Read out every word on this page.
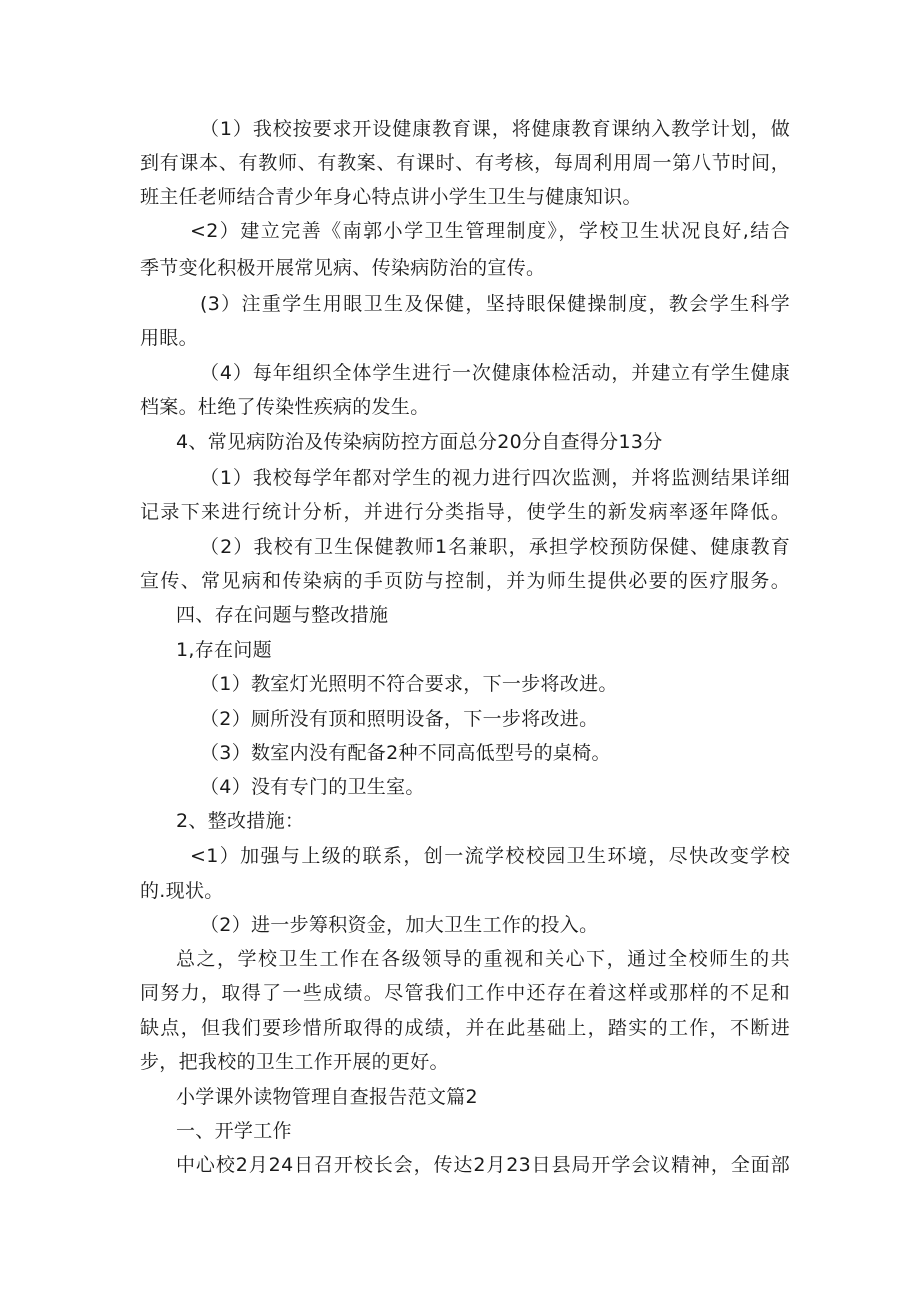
（1）我校按要求开设健康教育课，将健康教育课纳入教学计划，做
到有课本、有教师、有教案、有课时、有考核，每周利用周一第八节时间，
班主任老师结合青少年身心特点讲小学生卫生与健康知识。
<2）建立完善《南郭小学卫生管理制度》，学校卫生状况良好,结合
季节变化积极开展常见病、传染病防治的宣传。
(3）注重学生用眼卫生及保健，坚持眼保健操制度，教会学生科学
用眼。
（4）每年组织全体学生进行一次健康体检活动，并建立有学生健康
档案。杜绝了传染性疾病的发生。
4、常见病防治及传染病防控方面总分20分自查得分13分
（1）我校每学年都对学生的视力进行四次监测，并将监测结果详细
记录下来进行统计分析，并进行分类指导，使学生的新发病率逐年降低。
（2）我校有卫生保健教师1名兼职，承担学校预防保健、健康教育
宣传、常见病和传染病的手页防与控制，并为师生提供必要的医疗服务。
四、存在问题与整改措施
1,存在问题
（1）教室灯光照明不符合要求，下一步将改进。
（2）厕所没有顶和照明设备，下一步将改进。
（3）数室内没有配备2种不同高低型号的桌椅。
（4）没有专门的卫生室。
2、整改措施：
<1）加强与上级的联系，创一流学校校园卫生环境，尽快改变学校
的.现状。
（2）进一步筹积资金，加大卫生工作的投入。
总之，学校卫生工作在各级领导的重视和关心下，通过全校师生的共
同努力，取得了一些成绩。尽管我们工作中还存在着这样或那样的不足和
缺点，但我们要珍惜所取得的成绩，并在此基础上，踏实的工作，不断进
步，把我校的卫生工作开展的更好。
小学课外读物管理自查报告范文篇2
一、开学工作
中心校2月24日召开校长会，传达2月23日县局开学会议精神，全面部
